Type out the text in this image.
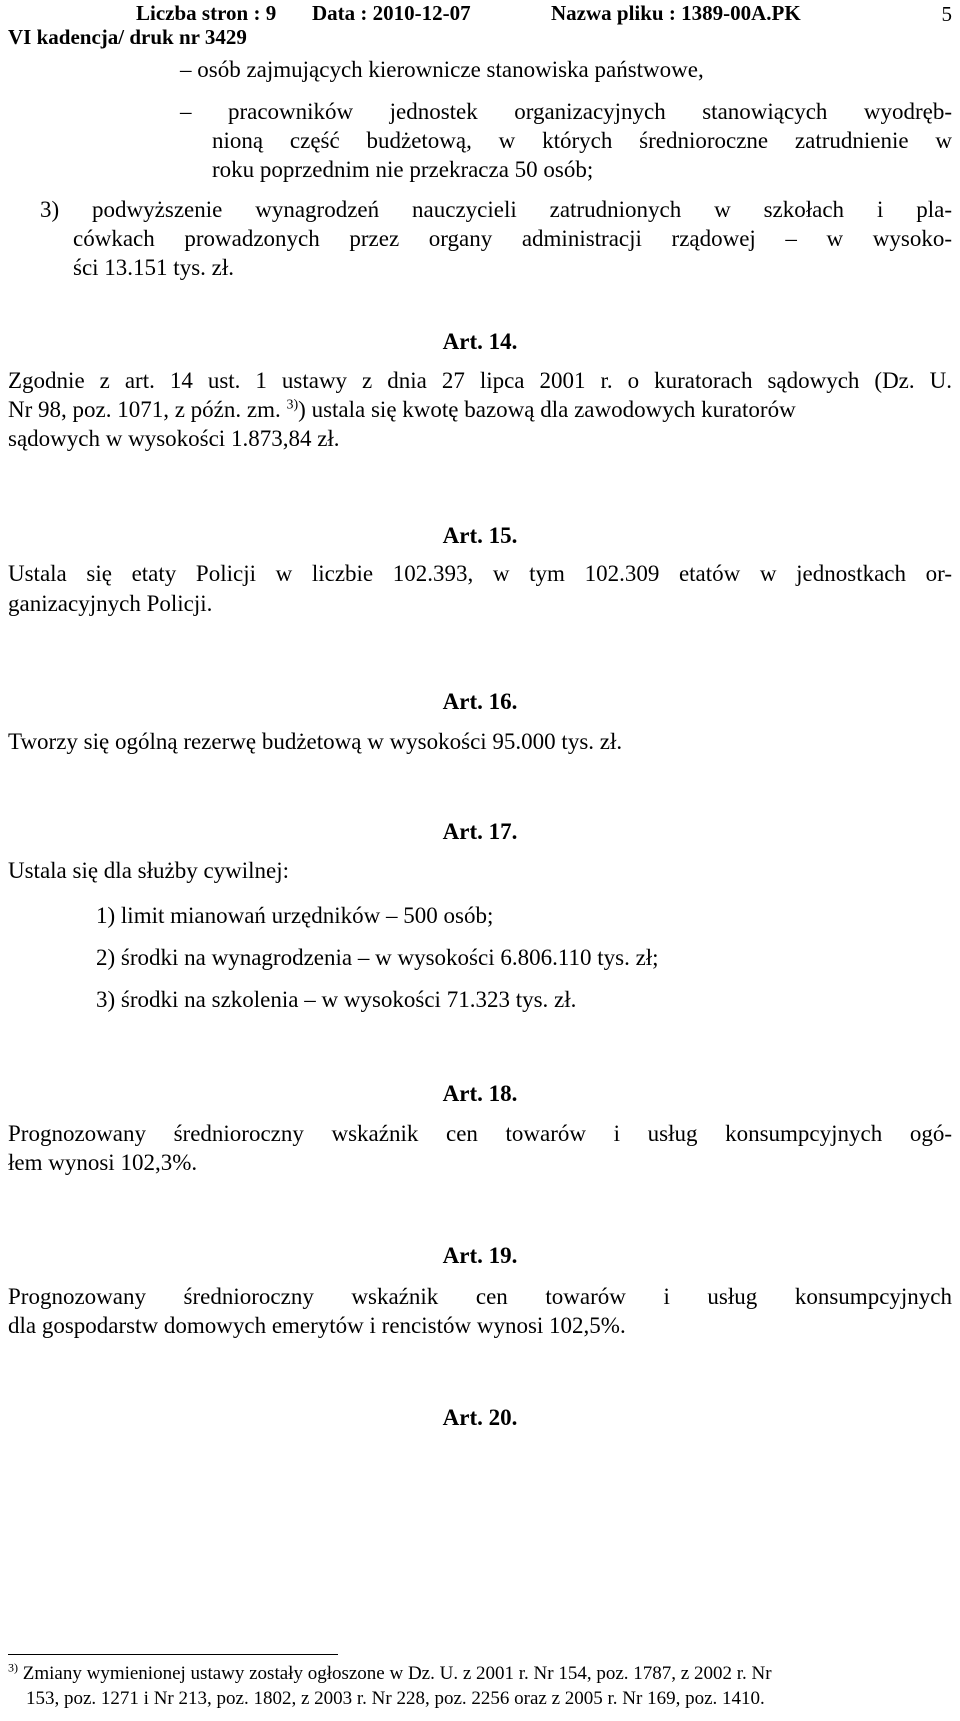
Liczba stron : 9 Data : 2010-12-07	Nazwa pliku : 1389-00A.PK
VI kadencja/ druk nr 3429
5
– osób zajmujących kierownicze stanowiska państwowe,
– pracowników jednostek organizacyjnych stanowiących wyodręb-
nioną część budżetową, w których średnioroczne zatrudnienie w
roku poprzednim nie przekracza 50 osób;
3) podwyższenie wynagrodzeń nauczycieli zatrudnionych w szkołach i pla-
cówkach prowadzonych przez organy administracji rządowej – w wysoko-
ści 13.151 tys. zł.
Art. 14.
Zgodnie z art. 14 ust. 1 ustawy z dnia 27 lipca 2001 r. o kuratorach sądowych (Dz. U.
Nr 98, poz. 1071, z późn. zm. $^{3)}$) ustala się kwotę bazową dla zawodowych kuratorów
sądowych w wysokości 1.873,84 zł.
Art. 15.
Ustala się etaty Policji w liczbie 102.393, w tym 102.309 etatów w jednostkach or-
ganizacyjnych Policji.
Art. 16.
Tworzy się ogólną rezerwę budżetową w wysokości 95.000 tys. zł.
Art. 17.
Ustala się dla służby cywilnej:
1) limit mianowań urzędników – 500 osób;
2) środki na wynagrodzenia – w wysokości 6.806.110 tys. zł;
3) środki na szkolenia – w wysokości 71.323 tys. zł.
Art. 18.
Prognozowany średnioroczny wskaźnik cen towarów i usług konsumpcyjnych ogó-
łem wynosi 102,3%.
Art. 19.
Prognozowany średnioroczny wskaźnik cen towarów i usług konsumpcyjnych
dla gospodarstw domowych emerytów i rencistów wynosi 102,5%.
Art. 20.
$^{3)}$ Zmiany wymienionej ustawy zostały ogłoszone w Dz. U. z 2001 r. Nr 154, poz. 1787, z 2002 r. Nr
153, poz. 1271 i Nr 213, poz. 1802, z 2003 r. Nr 228, poz. 2256 oraz z 2005 r. Nr 169, poz. 1410.
